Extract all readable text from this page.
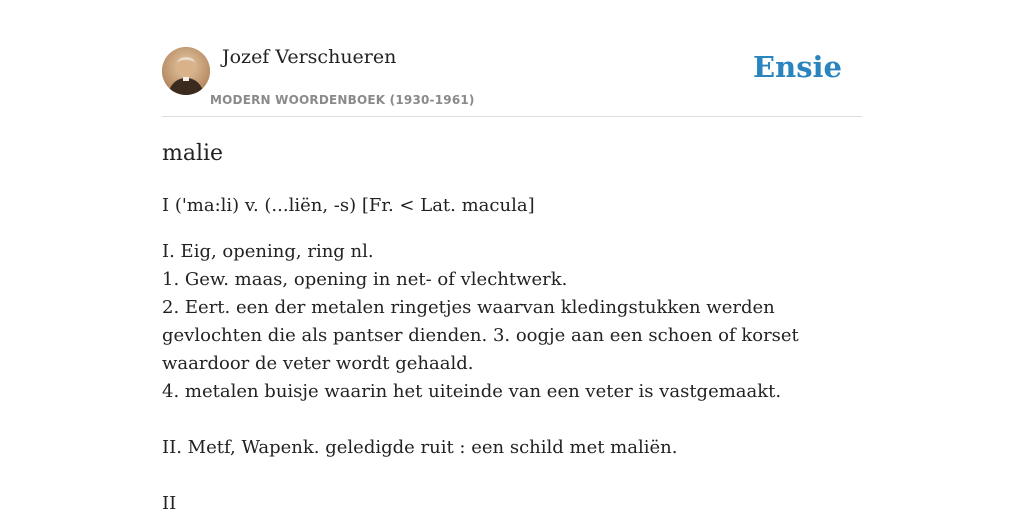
Jozef Verschueren
MODERN WOORDENBOEK (1930-1961)
Ensie
malie

I ('ma:li) v. (...liën, -s) [Fr. < Lat. macula]

I. Eig, opening, ring nl.
1. Gew. maas, opening in net- of vlechtwerk.
2. Eert. een der metalen ringetjes waarvan kledingstukken werden gevlochten die als pantser dienden. 3. oogje aan een schoen of korset waardoor de veter wordt gehaald.
4. metalen buisje waarin het uiteinde van een veter is vastgemaakt.
II. Metf, Wapenk. geledigde ruit : een schild met maliën.
II
